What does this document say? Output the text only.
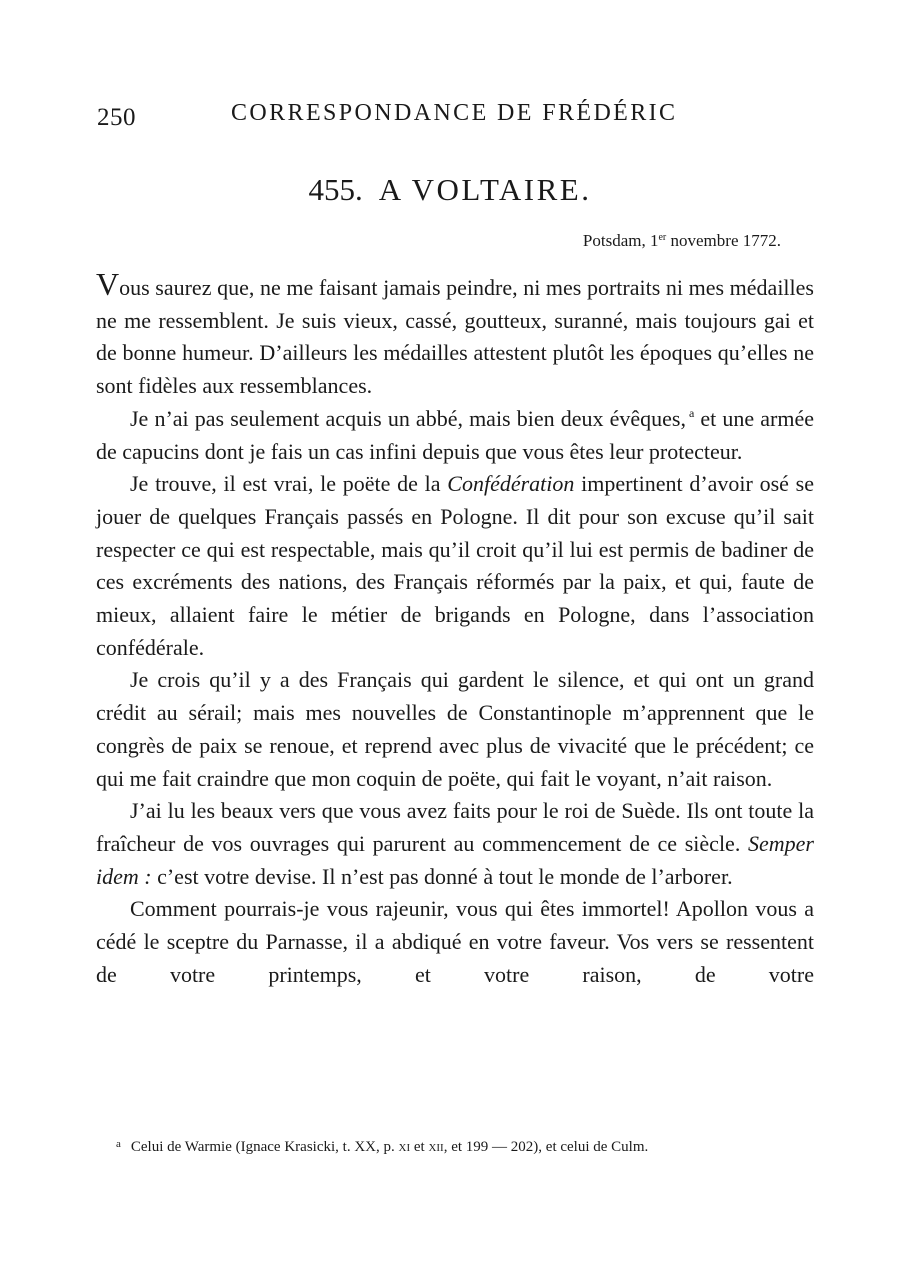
250	CORRESPONDANCE DE FRÉDÉRIC
455. A VOLTAIRE.
Potsdam, 1er novembre 1772.

Vous saurez que, ne me faisant jamais peindre, ni mes portraits ni mes médailles ne me ressemblent. Je suis vieux, cassé, goutteux, suranné, mais toujours gai et de bonne humeur. D’ailleurs les médailles attestent plutôt les époques qu’elles ne sont fidèles aux ressemblances.

Je n’ai pas seulement acquis un abbé, mais bien deux évêques, $^a$ et une armée de capucins dont je fais un cas infini depuis que vous êtes leur protecteur.

Je trouve, il est vrai, le poëte de la Confédération impertinent d’avoir osé se jouer de quelques Français passés en Pologne. Il dit pour son excuse qu’il sait respecter ce qui est respectable, mais qu’il croit qu’il lui est permis de badiner de ces excréments des nations, des Français réformés par la paix, et qui, faute de mieux, allaient faire le métier de brigands en Pologne, dans l’association confédérale.

Je crois qu’il y a des Français qui gardent le silence, et qui ont un grand crédit au sérail; mais mes nouvelles de Constantinople m’apprennent que le congrès de paix se renoue, et reprend avec plus de vivacité que le précédent; ce qui me fait craindre que mon coquin de poëte, qui fait le voyant, n’ait raison.

J’ai lu les beaux vers que vous avez faits pour le roi de Suède. Ils ont toute la fraîcheur de vos ouvrages qui parurent au commencement de ce siècle. Semper idem : c’est votre devise. Il n’est pas donné à tout le monde de l’arborer.

Comment pourrais-je vous rajeunir, vous qui êtes immortel! Apollon vous a cédé le sceptre du Parnasse, il a abdiqué en votre faveur. Vos vers se ressentent de votre printemps, et votre raison, de votre

$^a$ Celui de Warmie (Ignace Krasicki, t. XX, p. xi et xii, et 199 — 202), et celui de Culm.
